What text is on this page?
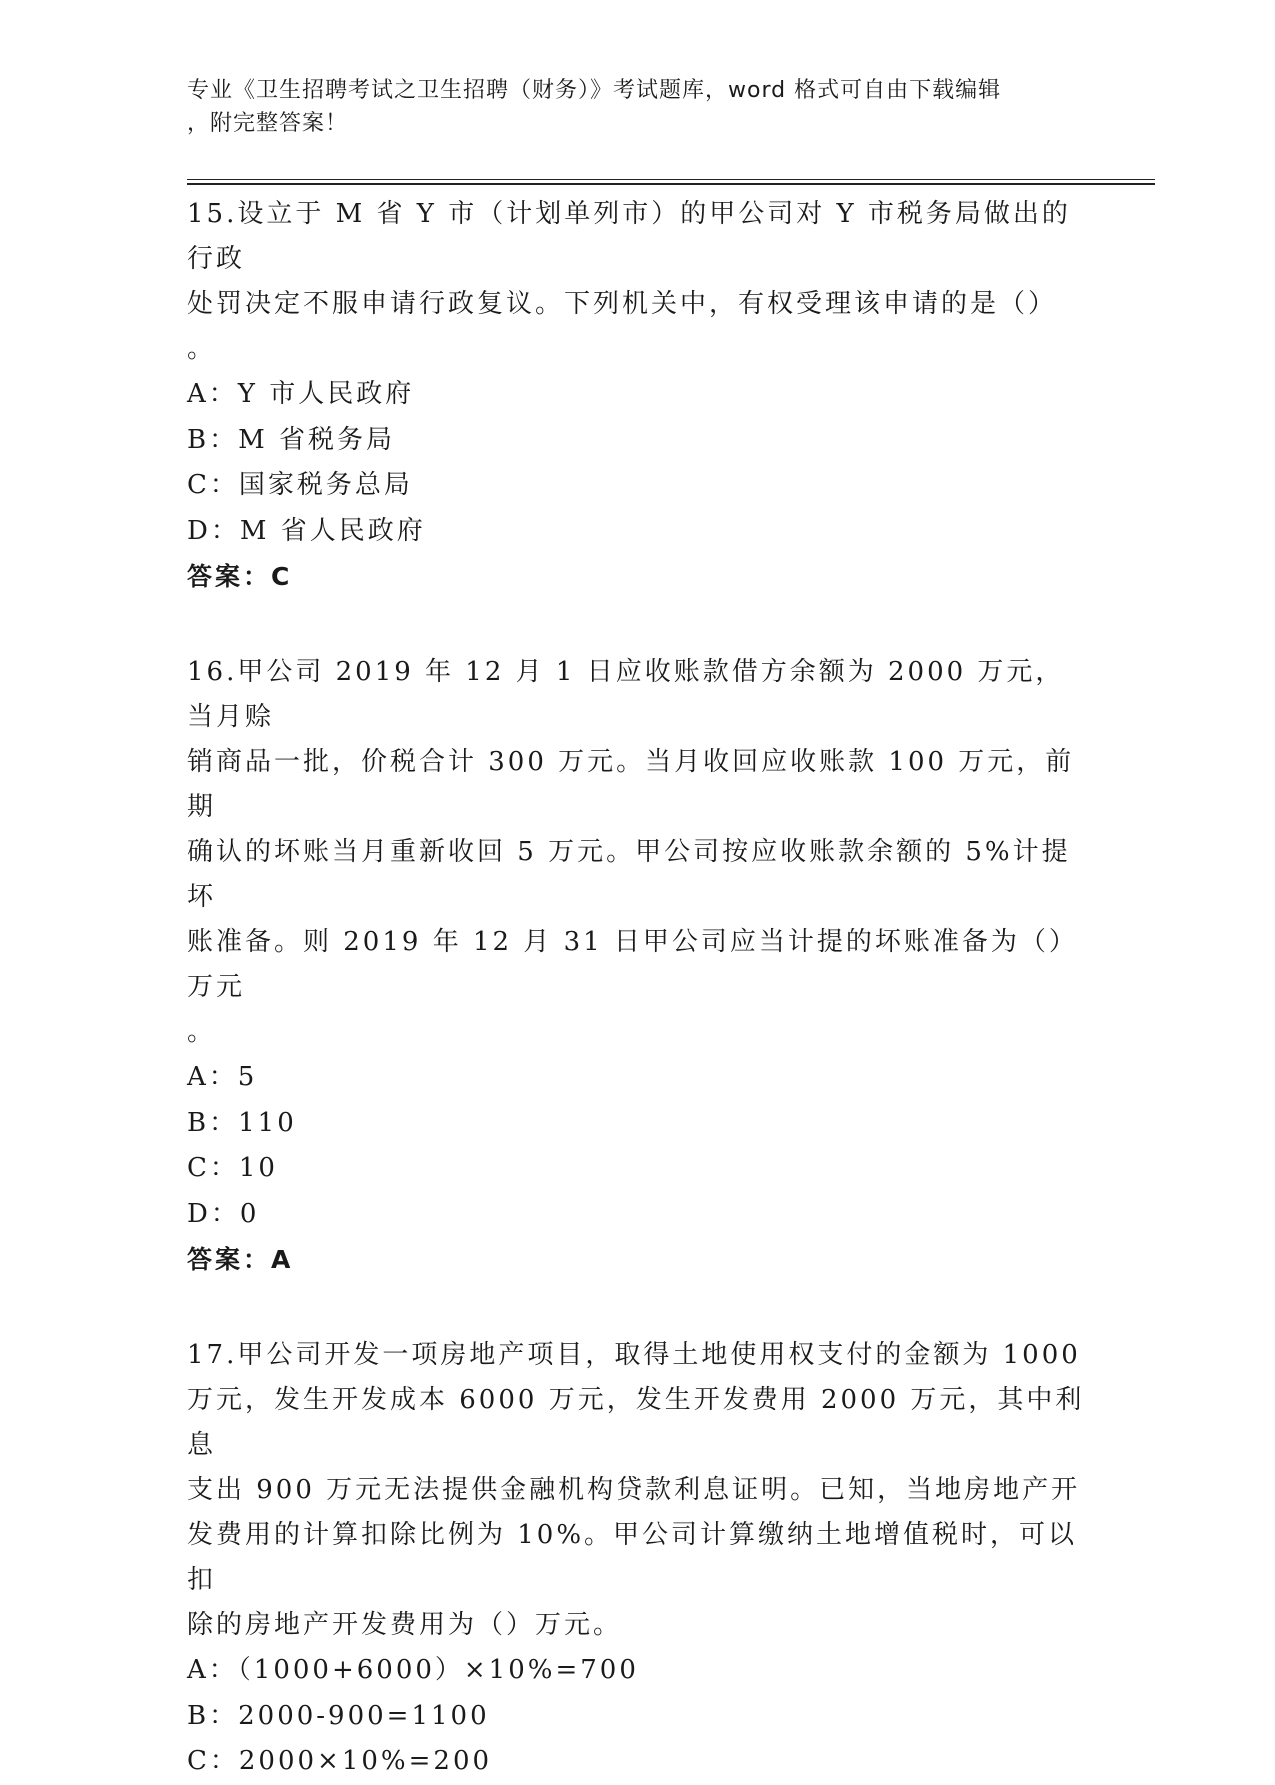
专业《卫生招聘考试之卫生招聘（财务）》考试题库，word 格式可自由下载编辑
，附完整答案！
15.设立于 M 省 Y 市（计划单列市）的甲公司对 Y 市税务局做出的行政
处罚决定不服申请行政复议。下列机关中，有权受理该申请的是（）
。
A：Y 市人民政府
B：M 省税务局
C：国家税务总局
D：M 省人民政府
答案：C
16.甲公司 2019 年 12 月 1 日应收账款借方余额为 2000 万元，当月赊
销商品一批，价税合计 300 万元。当月收回应收账款 100 万元，前期
确认的坏账当月重新收回 5 万元。甲公司按应收账款余额的 5%计提坏
账准备。则 2019 年 12 月 31 日甲公司应当计提的坏账准备为（）万元
。
A：5
B：110
C：10
D：0
答案：A
17.甲公司开发一项房地产项目，取得土地使用权支付的金额为 1000
万元，发生开发成本 6000 万元，发生开发费用 2000 万元，其中利息
支出 900 万元无法提供金融机构贷款利息证明。已知，当地房地产开
发费用的计算扣除比例为 10%。甲公司计算缴纳土地增值税时，可以扣
除的房地产开发费用为（）万元。
A：（1000+6000）×10%=700
B：2000-900=1100
C：2000×10%=200
